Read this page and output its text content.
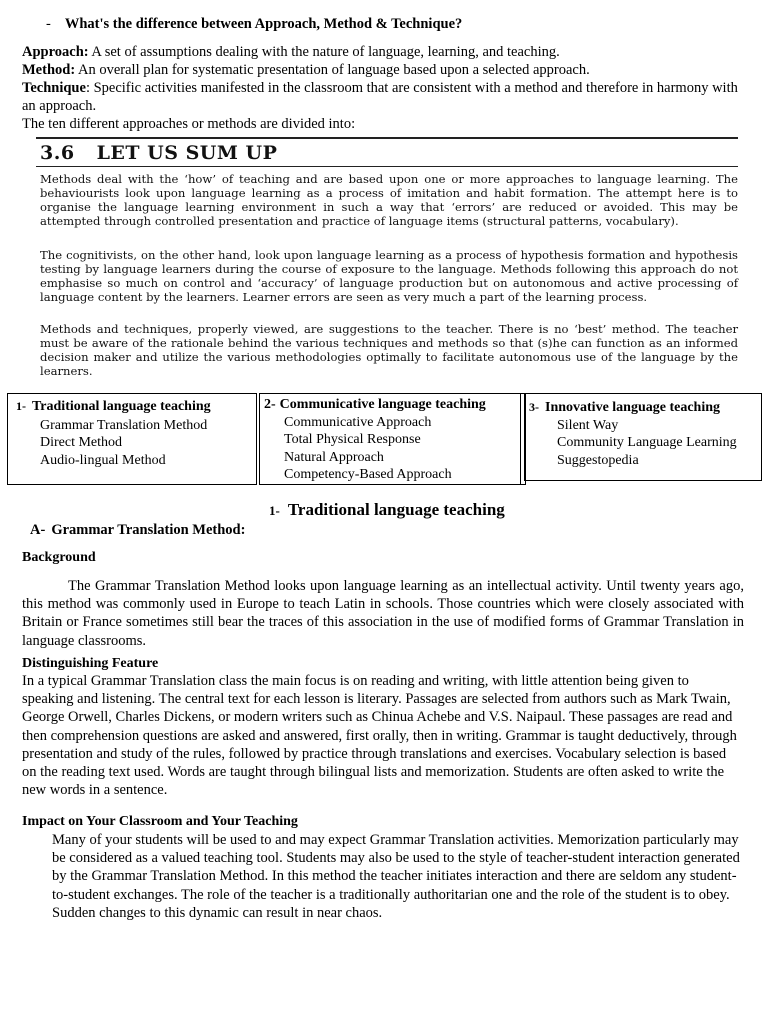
- What's the difference between Approach, Method & Technique?

Approach: A set of assumptions dealing with the nature of language, learning, and teaching.

Method: An overall plan for systematic presentation of language based upon a selected approach.

Technique: Specific activities manifested in the classroom that are consistent with a method and therefore in harmony with an approach.

The ten different approaches or methods are divided into:

3.6 LET US SUM UP

Methods deal with the ‘how’ of teaching and are based upon one or more approaches to language learning. The behaviourists look upon language learning as a process of imitation and habit formation. The attempt here is to organise the language learning environment in such a way that ‘errors’ are reduced or avoided. This may be attempted through controlled presentation and practice of language items (structural patterns, vocabulary).

The cognitivists, on the other hand, look upon language learning as a process of hypothesis formation and hypothesis testing by language learners during the course of exposure to the language. Methods following this approach do not emphasise so much on control and ‘accuracy’ of language production but on autonomous and active processing of language content by the learners. Learner errors are seen as very much a part of the learning process.

Methods and techniques, properly viewed, are suggestions to the teacher. There is no ‘best’ method. The teacher must be aware of the rationale behind the various techniques and methods so that (s)he can function as an informed decision maker and utilize the various methodologies optimally to facilitate autonomous use of the language by the learners.

1- Traditional language teaching
Grammar Translation Method
Direct Method
Audio-lingual Method
2- Communicative language teaching
Communicative Approach
Total Physical Response
Natural Approach
Competency-Based Approach
3- Innovative language teaching
Silent Way
Community Language Learning
Suggestopedia
1- Traditional language teaching
A- Grammar Translation Method:
Background

The Grammar Translation Method looks upon language learning as an intellectual activity. Until twenty years ago, this method was commonly used in Europe to teach Latin in schools. Those countries which were closely associated with Britain or France sometimes still bear the traces of this association in the use of modified forms of Grammar Translation in language classrooms.

Distinguishing Feature

In a typical Grammar Translation class the main focus is on reading and writing, with little attention being given to speaking and listening. The central text for each lesson is literary. Passages are selected from authors such as Mark Twain, George Orwell, Charles Dickens, or modern writers such as Chinua Achebe and V.S. Naipaul. These passages are read and then comprehension questions are asked and answered, first orally, then in writing. Grammar is taught deductively, through presentation and study of the rules, followed by practice through translations and exercises. Vocabulary selection is based on the reading text used. Words are taught through bilingual lists and memorization. Students are often asked to write the new words in a sentence.

Impact on Your Classroom and Your Teaching

Many of your students will be used to and may expect Grammar Translation activities. Memorization particularly may be considered as a valued teaching tool. Students may also be used to the style of teacher-student interaction generated by the Grammar Translation Method. In this method the teacher initiates interaction and there are seldom any student-to-student exchanges. The role of the teacher is a traditionally authoritarian one and the role of the student is to obey. Sudden changes to this dynamic can result in near chaos.
